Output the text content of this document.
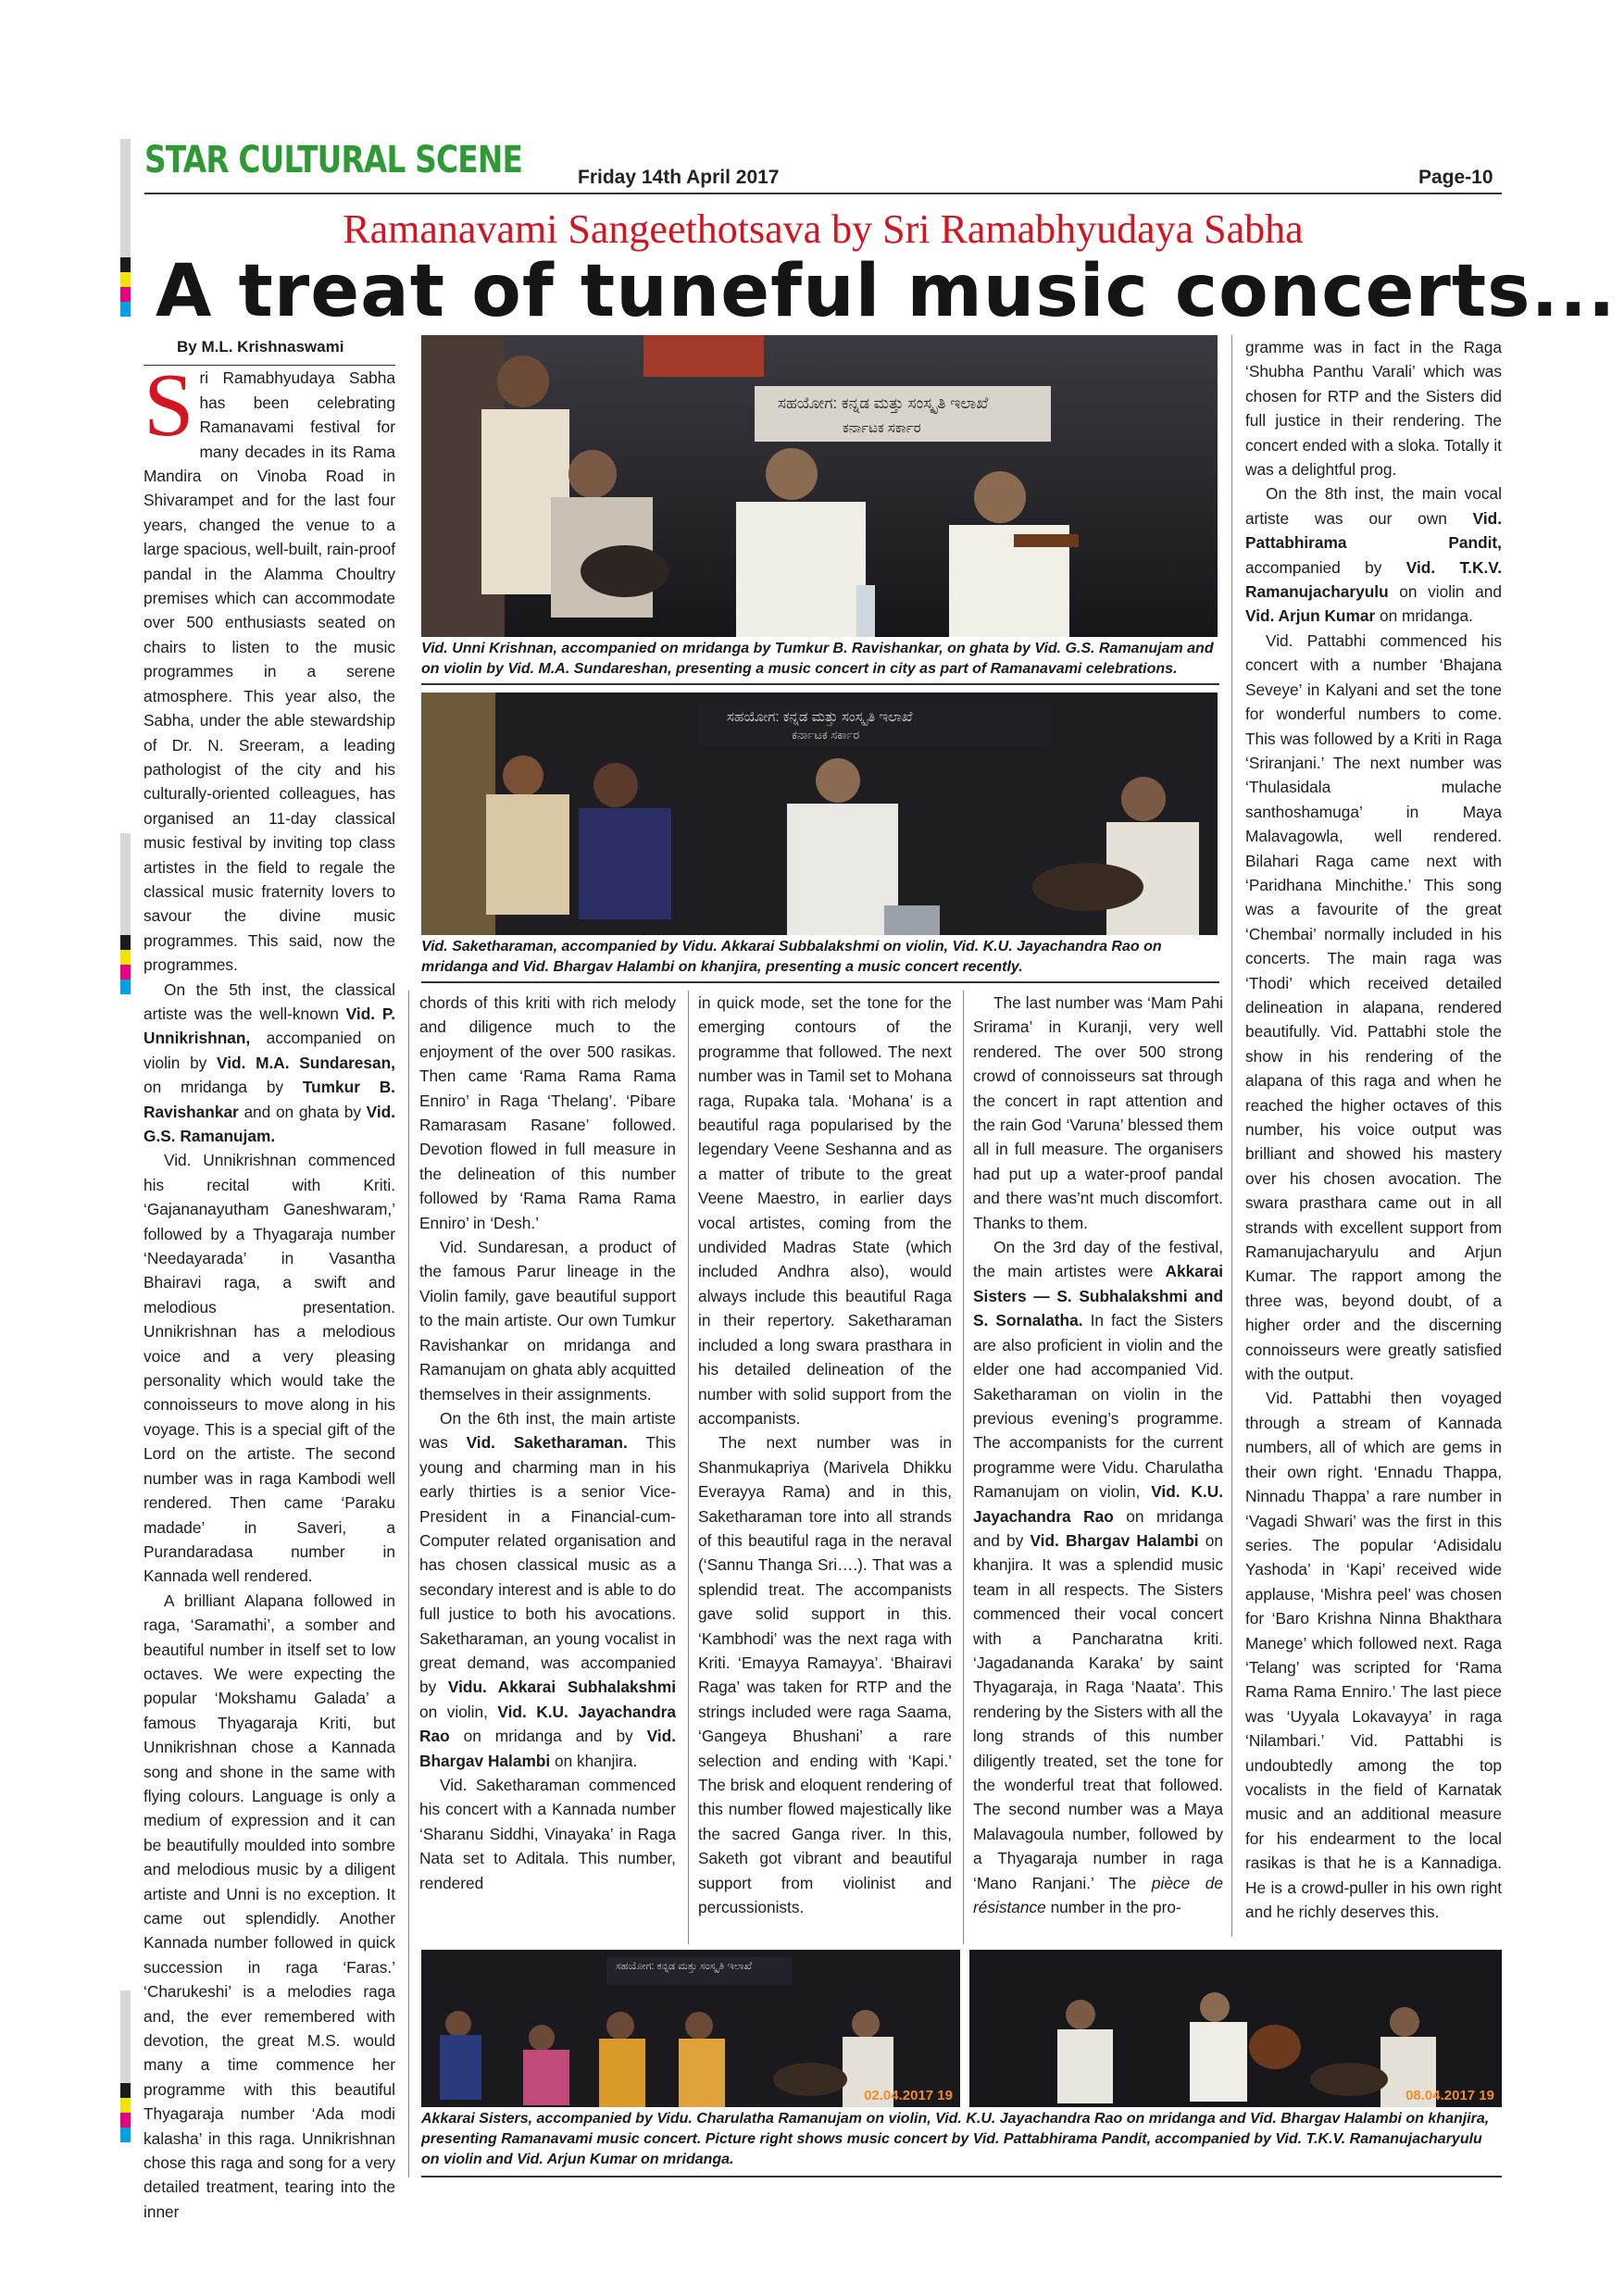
STAR CULTURAL SCENE	Friday 14th April 2017	Page-10
Ramanavami Sangeethotsava by Sri Ramabhyudaya Sabha
A treat of tuneful music concerts...

By M.L. Krishnaswami

Sri Ramabhyudaya Sabha has been celebrating Ramanavami festival for many decades in its Rama Mandira on Vinoba Road in Shivarampet and for the last four years, changed the venue to a large spacious, well-built, rain-proof pandal in the Alamma Choultry premises which can accommodate over 500 enthusiasts seated on chairs to listen to the music programmes in a serene atmosphere. This year also, the Sabha, under the able stewardship of Dr. N. Sreeram, a leading pathologist of the city and his culturally-oriented colleagues, has organised an 11-day classical music festival by inviting top class artistes in the field to regale the classical music fraternity lovers to savour the divine music programmes. This said, now the programmes.

On the 5th inst, the classical artiste was the well-known Vid. P. Unnikrishnan, accompanied on violin by Vid. M.A. Sundaresan, on mridanga by Tumkur B. Ravishankar and on ghata by Vid. G.S. Ramanujam.

Vid. Unnikrishnan commenced his recital with Kriti. ‘Gajananayutham Ganeshwaram,’ followed by a Thyagaraja number ‘Needayarada’ in Vasantha Bhairavi raga, a swift and melodious presentation. Unnikrishnan has a melodious voice and a very pleasing personality which would take the connoisseurs to move along in his voyage. This is a special gift of the Lord on the artiste. The second number was in raga Kambodi well rendered. Then came ‘Paraku madade’ in Saveri, a Purandaradasa number in Kannada well rendered.

A brilliant Alapana followed in raga, ‘Saramathi’, a somber and beautiful number in itself set to low octaves. We were expecting the popular ‘Mokshamu Galada’ a famous Thyagaraja Kriti, but Unnikrishnan chose a Kannada song and shone in the same with flying colours. Language is only a medium of expression and it can be beautifully moulded into sombre and melodious music by a diligent artiste and Unni is no exception. It came out splendidly. Another Kannada number followed in quick succession in raga ‘Faras.’ ‘Charukeshi’ is a melodies raga and, the ever remembered with devotion, the great M.S. would many a time commence her programme with this beautiful Thyagaraja number ‘Ada modi kalasha’ in this raga. Unnikrishnan chose this raga and song for a very detailed treatment, tearing into the inner

ಸಹಯೋಗ: ಕನ್ನಡ ಮತ್ತು ಸಂಸ್ಕೃತಿ ಇಲಾಖೆ
ಕರ್ನಾಟಕ ಸರ್ಕಾರ
Vid. Unni Krishnan, accompanied on mridanga by Tumkur B. Ravishankar, on ghata by Vid. G.S. Ramanujam and on violin by Vid. M.A. Sundareshan, presenting a music concert in city as part of Ramanavami celebrations.
ಸಹಯೋಗ: ಕನ್ನಡ ಮತ್ತು ಸಂಸ್ಕೃತಿ ಇಲಾಖೆ
ಕರ್ನಾಟಕ ಸರ್ಕಾರ
Vid. Saketharaman, accompanied by Vidu. Akkarai Subbalakshmi on violin, Vid. K.U. Jayachandra Rao on mridanga and Vid. Bhargav Halambi on khanjira, presenting a music concert recently.

chords of this kriti with rich melody and diligence much to the enjoyment of the over 500 rasikas. Then came ‘Rama Rama Rama Enniro’ in Raga ‘Thelang’. ‘Pibare Ramarasam Rasane’ followed. Devotion flowed in full measure in the delineation of this number followed by ‘Rama Rama Rama Enniro’ in ‘Desh.’

Vid. Sundaresan, a product of the famous Parur lineage in the Violin family, gave beautiful support to the main artiste. Our own Tumkur Ravishankar on mridanga and Ramanujam on ghata ably acquitted themselves in their assignments.

On the 6th inst, the main artiste was Vid. Saketharaman. This young and charming man in his early thirties is a senior Vice-President in a Financial-cum-Computer related organisation and has chosen classical music as a secondary interest and is able to do full justice to both his avocations. Saketharaman, an young vocalist in great demand, was accompanied by Vidu. Akkarai Subhalakshmi on violin, Vid. K.U. Jayachandra Rao on mridanga and by Vid. Bhargav Halambi on khanjira.

Vid. Saketharaman commenced his concert with a Kannada number ‘Sharanu Siddhi, Vinayaka’ in Raga Nata set to Aditala. This number, rendered

in quick mode, set the tone for the emerging contours of the programme that followed. The next number was in Tamil set to Mohana raga, Rupaka tala. ‘Mohana’ is a beautiful raga popularised by the legendary Veene Seshanna and as a matter of tribute to the great Veene Maestro, in earlier days vocal artistes, coming from the undivided Madras State (which included Andhra also), would always include this beautiful Raga in their repertory. Saketharaman included a long swara prasthara in his detailed delineation of the number with solid support from the accompanists.

The next number was in Shanmukapriya (Marivela Dhikku Everayya Rama) and in this, Saketharaman tore into all strands of this beautiful raga in the neraval (‘Sannu Thanga Sri….). That was a splendid treat. The accompanists gave solid support in this. ‘Kambhodi’ was the next raga with Kriti. ‘Emayya Ramayya’. ‘Bhairavi Raga’ was taken for RTP and the strings included were raga Saama, ‘Gangeya Bhushani’ a rare selection and ending with ‘Kapi.’ The brisk and eloquent rendering of this number flowed majestically like the sacred Ganga river. In this, Saketh got vibrant and beautiful support from violinist and percussionists.

The last number was ‘Mam Pahi Srirama’ in Kuranji, very well rendered. The over 500 strong crowd of connoisseurs sat through the concert in rapt attention and the rain God ‘Varuna’ blessed them all in full measure. The organisers had put up a water-proof pandal and there was’nt much discomfort. Thanks to them.

On the 3rd day of the festival, the main artistes were Akkarai Sisters — S. Subhalakshmi and S. Sornalatha. In fact the Sisters are also proficient in violin and the elder one had accompanied Vid. Saketharaman on violin in the previous evening’s programme. The accompanists for the current programme were Vidu. Charulatha Ramanujam on violin, Vid. K.U. Jayachandra Rao on mridanga and by Vid. Bhargav Halambi on khanjira. It was a splendid music team in all respects. The Sisters commenced their vocal concert with a Pancharatna kriti. ‘Jagadananda Karaka’ by saint Thyagaraja, in Raga ‘Naata’. This rendering by the Sisters with all the long strands of this number diligently treated, set the tone for the wonderful treat that followed. The second number was a Maya Malavagoula number, followed by a Thyagaraja number in raga ‘Mano Ranjani.’ The pièce de résistance number in the pro-

gramme was in fact in the Raga ‘Shubha Panthu Varali’ which was chosen for RTP and the Sisters did full justice in their rendering. The concert ended with a sloka. Totally it was a delightful prog.

On the 8th inst, the main vocal artiste was our own Vid. Pattabhirama Pandit, accompanied by Vid. T.K.V. Ramanujacharyulu on violin and Vid. Arjun Kumar on mridanga.

Vid. Pattabhi commenced his concert with a number ‘Bhajana Seveye’ in Kalyani and set the tone for wonderful numbers to come. This was followed by a Kriti in Raga ‘Sriranjani.’ The next number was ‘Thulasidala mulache santhoshamuga’ in Maya Malavagowla, well rendered. Bilahari Raga came next with ‘Paridhana Minchithe.’ This song was a favourite of the great ‘Chembai’ normally included in his concerts. The main raga was ‘Thodi’ which received detailed delineation in alapana, rendered beautifully. Vid. Pattabhi stole the show in his rendering of the alapana of this raga and when he reached the higher octaves of this number, his voice output was brilliant and showed his mastery over his chosen avocation. The swara prasthara came out in all strands with excellent support from Ramanujacharyulu and Arjun Kumar. The rapport among the three was, beyond doubt, of a higher order and the discerning connoisseurs were greatly satisfied with the output.

Vid. Pattabhi then voyaged through a stream of Kannada numbers, all of which are gems in their own right. ‘Ennadu Thappa, Ninnadu Thappa’ a rare number in ‘Vagadi Shwari’ was the first in this series. The popular ‘Adisidalu Yashoda’ in ‘Kapi’ received wide applause, ‘Mishra peel’ was chosen for ‘Baro Krishna Ninna Bhakthara Manege’ which followed next. Raga ‘Telang’ was scripted for ‘Rama Rama Rama Enniro.’ The last piece was ‘Uyyala Lokavayya’ in raga ‘Nilambari.’ Vid. Pattabhi is undoubtedly among the top vocalists in the field of Karnatak music and an additional measure for his endearment to the local rasikas is that he is a Kannadiga. He is a crowd-puller in his own right and he richly deserves this.

ಸಹಯೋಗ: ಕನ್ನಡ ಮತ್ತು ಸಂಸ್ಕೃತಿ ಇಲಾಖೆ
02.04.2017 19	08.04.2017 19
Akkarai Sisters, accompanied by Vidu. Charulatha Ramanujam on violin, Vid. K.U. Jayachandra Rao on mridanga and Vid. Bhargav Halambi on khanjira, presenting Ramanavami music concert. Picture right shows music concert by Vid. Pattabhirama Pandit, accompanied by Vid. T.K.V. Ramanujacharyulu on violin and Vid. Arjun Kumar on mridanga.
